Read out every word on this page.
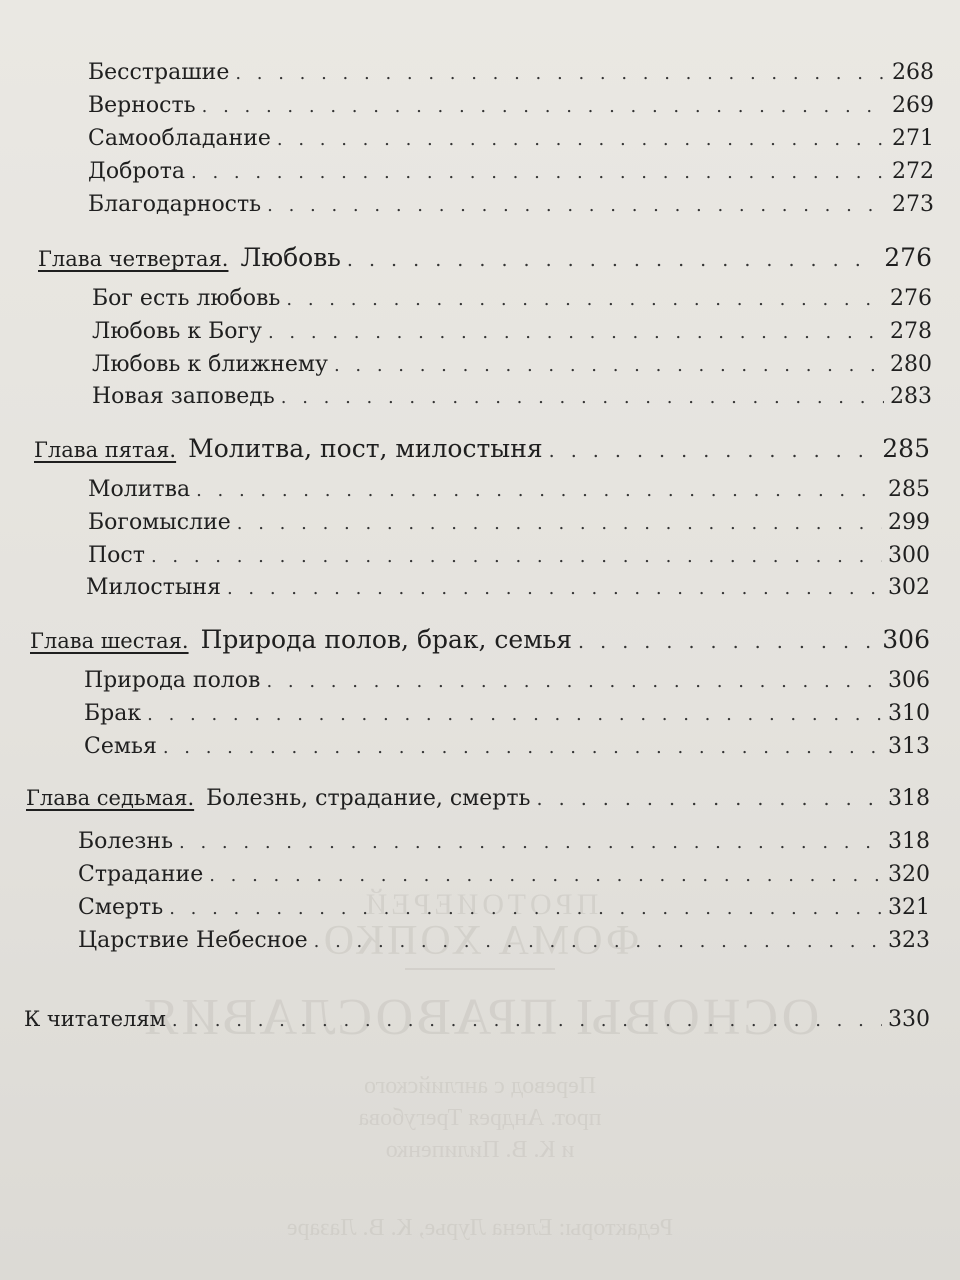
ПРОТОИЕРЕЙ
ФОМА ХОПКО
ОСНОВЫ ПРАВОСЛАВИЯ
Перевод с английского
прот. Андрея Трегубова
и К. В. Пилипенко
Редакторы: Елена Лурье, К. В. Лазаре
Бесстрашие . . .	268
Верность . . .	269
Самообладание . . .	271
Доброта . . .	272
Благодарность . . .	273
Глава четвертая. Любовь . . .	276
Бог есть любовь . . .	276
Любовь к Богу . . .	278
Любовь к ближнему . . .	280
Новая заповедь . . .	283
Глава пятая. Молитва, пост, милостыня . . .	285
Молитва . . .	285
Богомыслие . . .	299
Пост . . .	300
Милостыня . . .	302
Глава шестая. Природа полов, брак, семья . . .	306
Природа полов . . .	306
Брак . . .	310
Семья . . .	313
Глава седьмая. Болезнь, страдание, смерть . . .	318
Болезнь . . .	318
Страдание . . .	320
Смерть . . .	321
Царствие Небесное . . .	323
К читателям . . .	330
